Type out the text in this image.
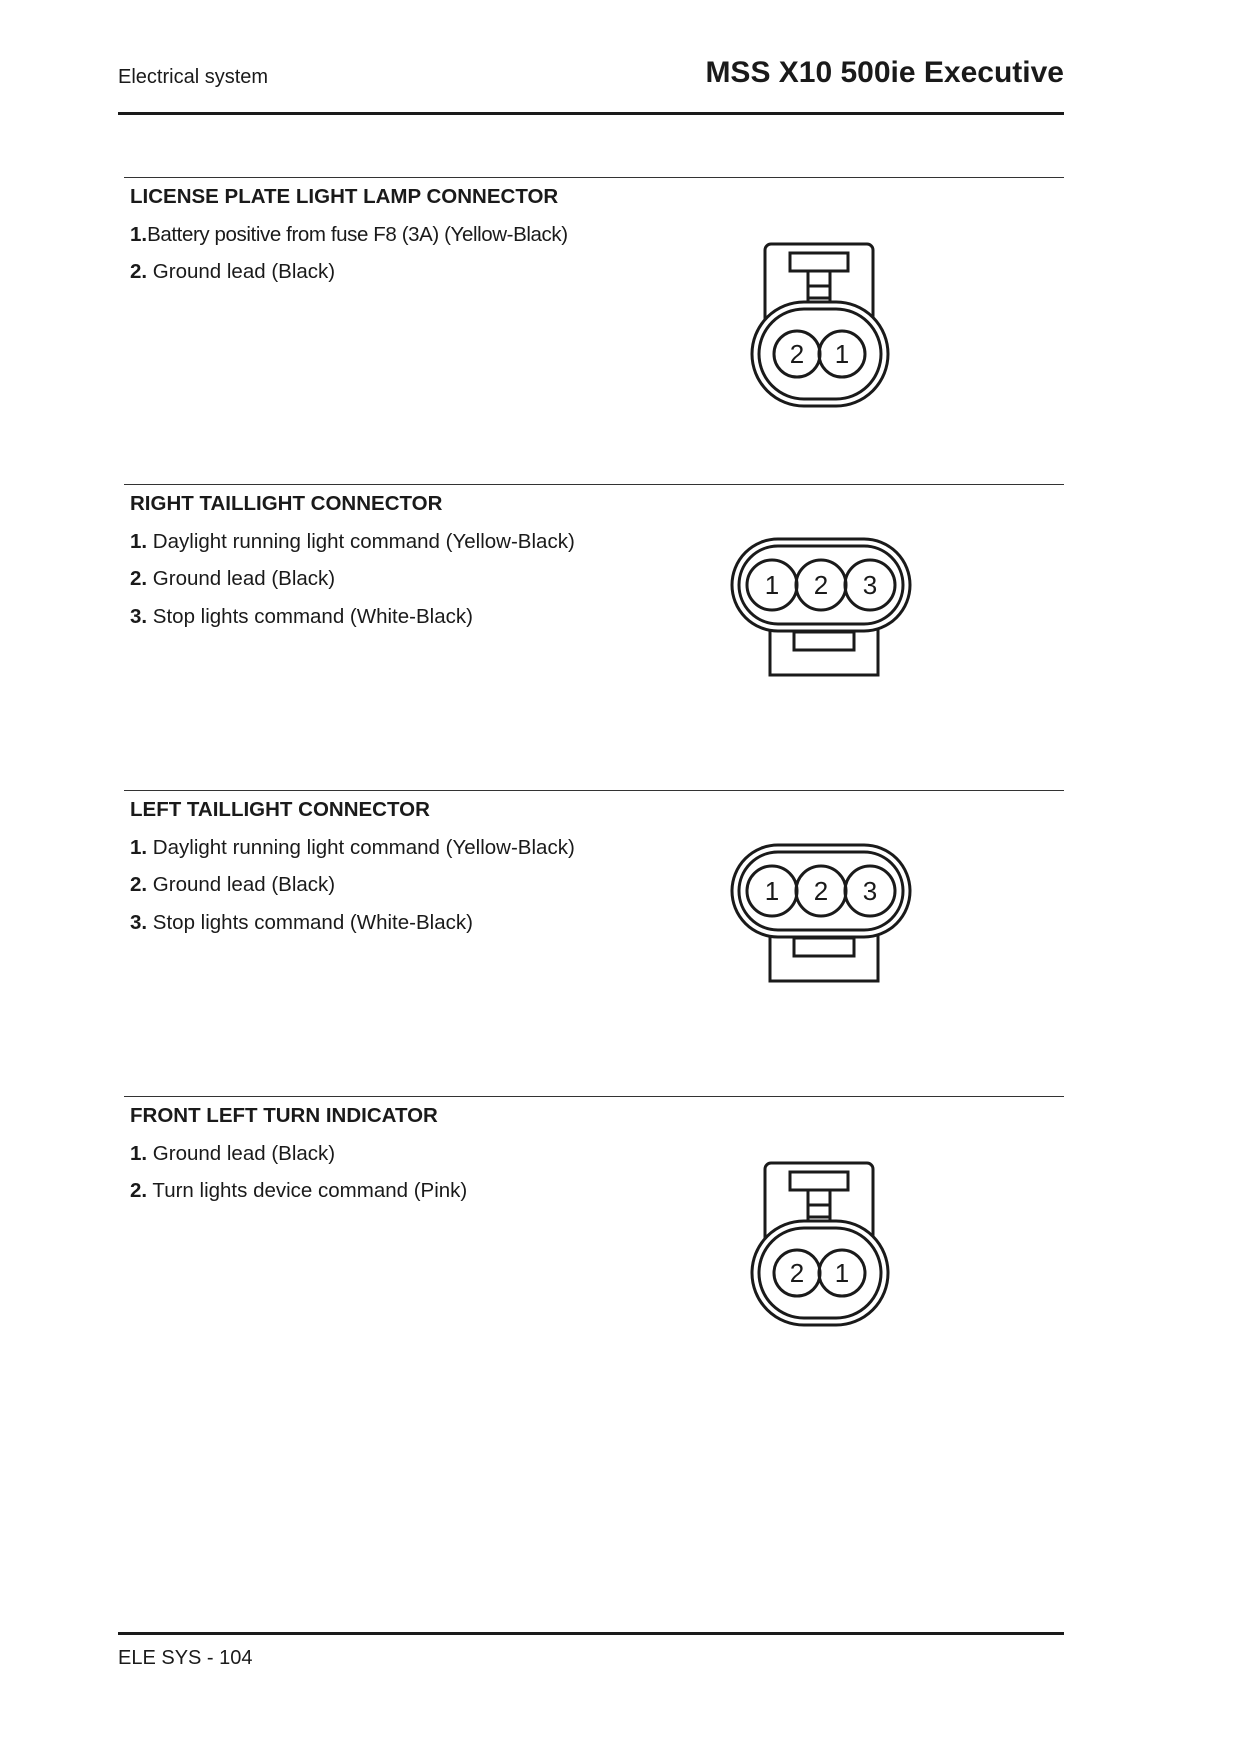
Electrical system	MSS X10 500ie Executive
LICENSE PLATE LIGHT LAMP CONNECTOR
1.Battery positive from fuse F8 (3A) (Yellow-Black)
2. Ground lead (Black)
2 1
RIGHT TAILLIGHT CONNECTOR
1. Daylight running light command (Yellow-Black)
2. Ground lead (Black)
3. Stop lights command (White-Black)
1 2 3
LEFT TAILLIGHT CONNECTOR
1. Daylight running light command (Yellow-Black)
2. Ground lead (Black)
3. Stop lights command (White-Black)
1 2 3
FRONT LEFT TURN INDICATOR
1. Ground lead (Black)
2. Turn lights device command (Pink)
2 1
ELE SYS - 104
